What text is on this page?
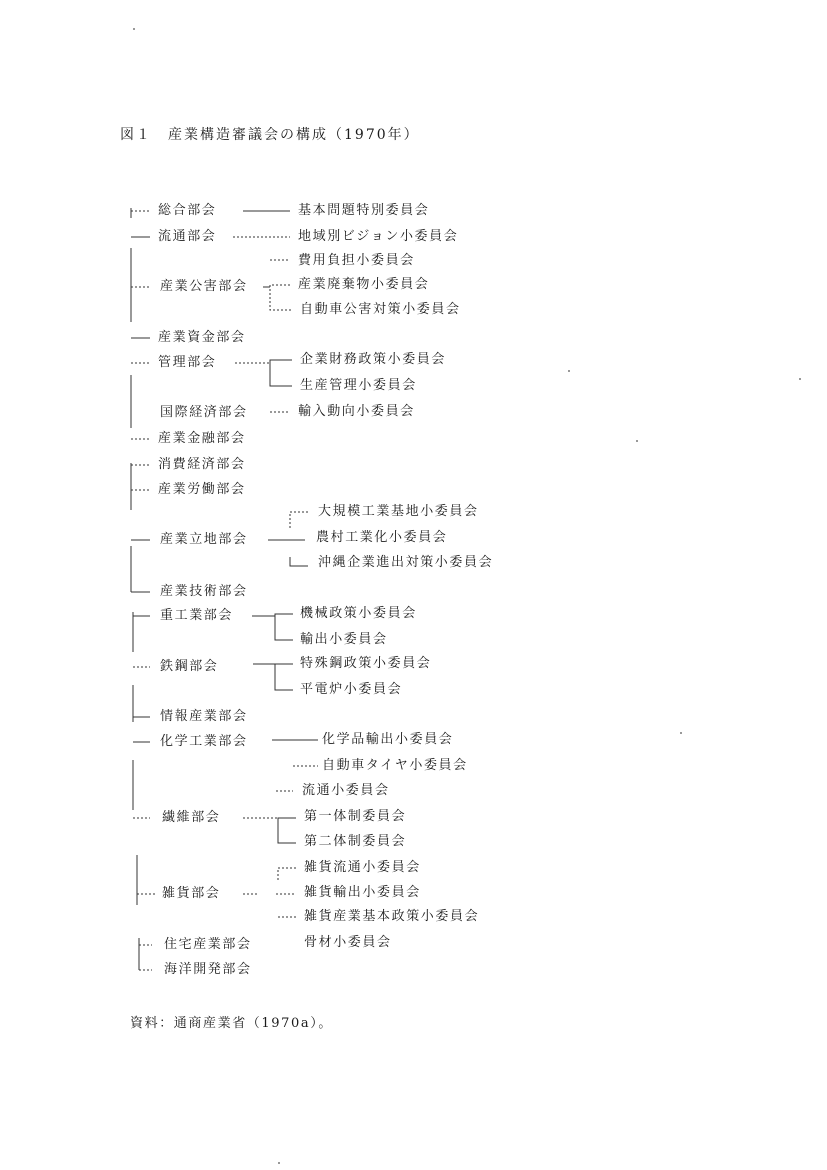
図１　産業構造審議会の構成（1970年）
総合部会
流通部会
産業公害部会
産業資金部会
管理部会
国際経済部会
産業金融部会
消費経済部会
産業労働部会
産業立地部会
産業技術部会
重工業部会
鉄鋼部会
情報産業部会
化学工業部会
繊維部会
雑貨部会
住宅産業部会
海洋開発部会
基本問題特別委員会
地域別ビジョン小委員会
費用負担小委員会
産業廃棄物小委員会
自動車公害対策小委員会
企業財務政策小委員会
生産管理小委員会
輸入動向小委員会
大規模工業基地小委員会
農村工業化小委員会
沖縄企業進出対策小委員会
機械政策小委員会
輸出小委員会
特殊鋼政策小委員会
平電炉小委員会
化学品輸出小委員会
自動車タイヤ小委員会
流通小委員会
第一体制委員会
第二体制委員会
雑貨流通小委員会
雑貨輸出小委員会
雑貨産業基本政策小委員会
骨材小委員会
資料：通商産業省（1970a）。
